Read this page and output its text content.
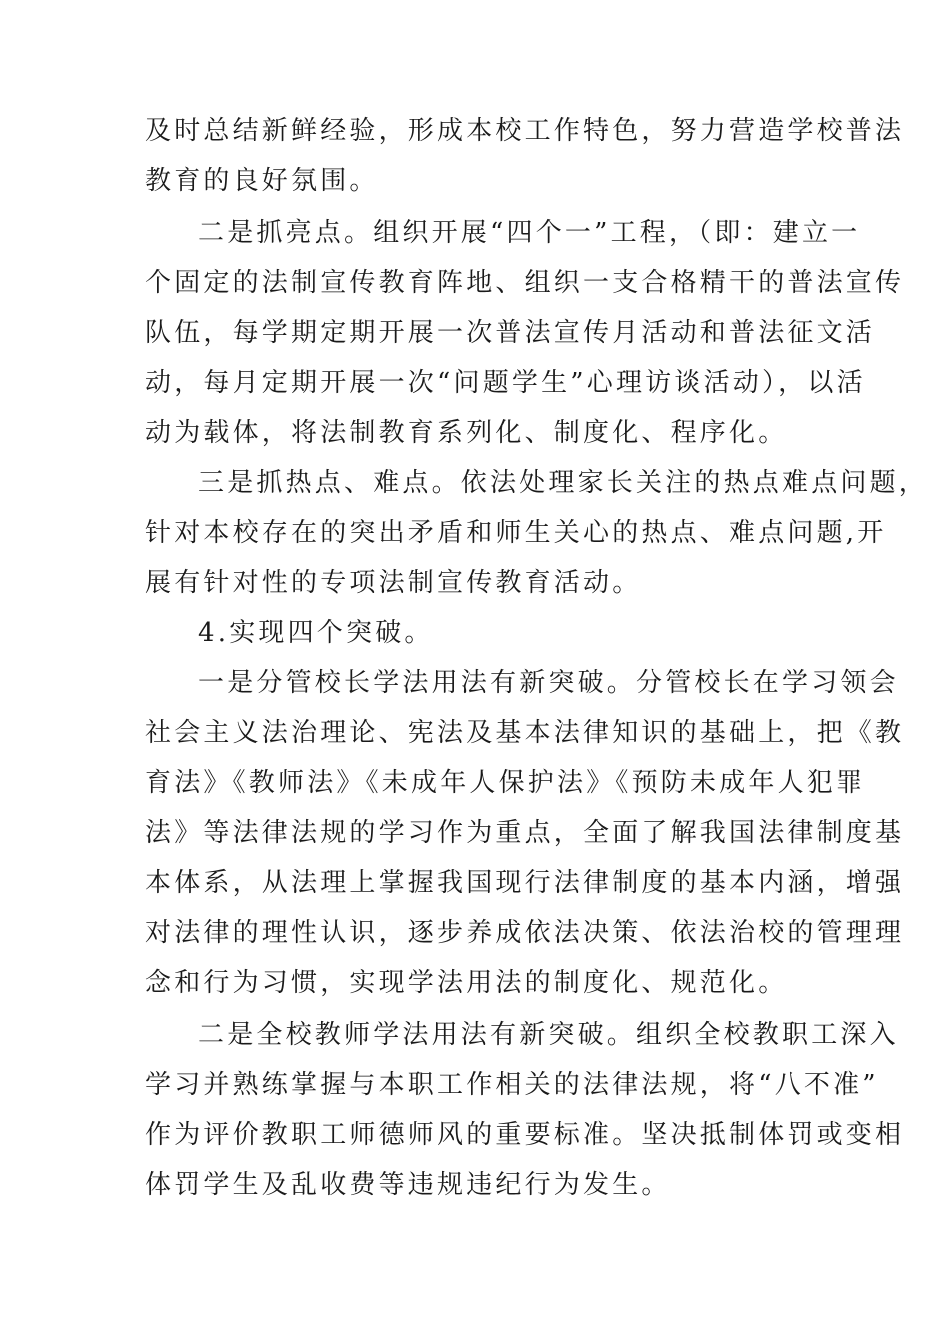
及时总结新鲜经验，形成本校工作特色，努力营造学校普法
教育的良好氛围。
二是抓亮点。组织开展“四个一”工程，（即：建立一
个固定的法制宣传教育阵地、组织一支合格精干的普法宣传
队伍，每学期定期开展一次普法宣传月活动和普法征文活
动，每月定期开展一次“问题学生”心理访谈活动），以活
动为载体，将法制教育系列化、制度化、程序化。
三是抓热点、难点。依法处理家长关注的热点难点问题，
针对本校存在的突出矛盾和师生关心的热点、难点问题,开
展有针对性的专项法制宣传教育活动。
4.实现四个突破。
一是分管校长学法用法有新突破。分管校长在学习领会
社会主义法治理论、宪法及基本法律知识的基础上，把《教
育法》《教师法》《未成年人保护法》《预防未成年人犯罪
法》等法律法规的学习作为重点，全面了解我国法律制度基
本体系，从法理上掌握我国现行法律制度的基本内涵，增强
对法律的理性认识，逐步养成依法决策、依法治校的管理理
念和行为习惯，实现学法用法的制度化、规范化。
二是全校教师学法用法有新突破。组织全校教职工深入
学习并熟练掌握与本职工作相关的法律法规，将“八不准”
作为评价教职工师德师风的重要标准。坚决抵制体罚或变相
体罚学生及乱收费等违规违纪行为发生。
